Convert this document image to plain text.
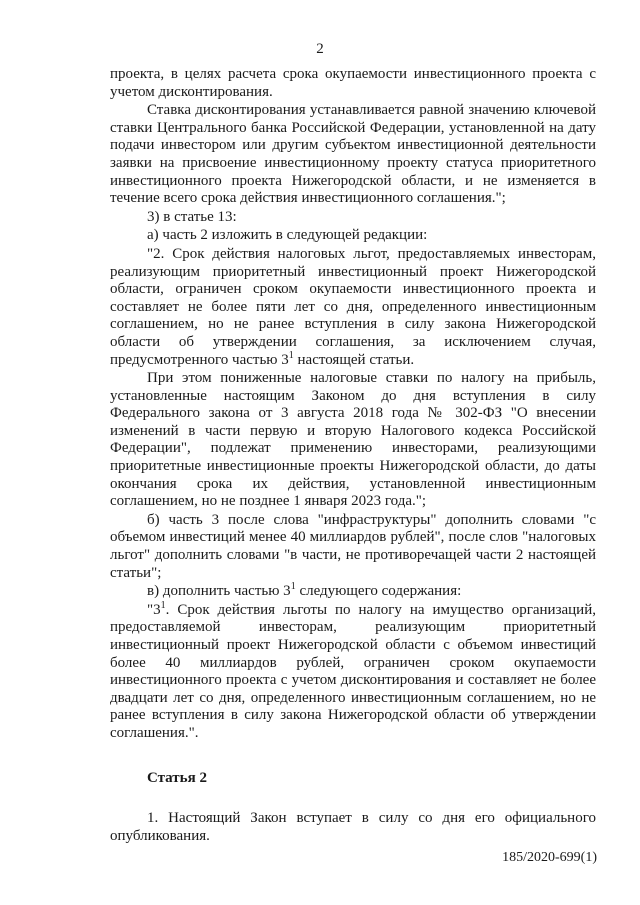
2

проекта, в целях расчета срока окупаемости инвестиционного проекта с учетом дисконтирования.

Ставка дисконтирования устанавливается равной значению ключевой ставки Центрального банка Российской Федерации, установленной на дату подачи инвестором или другим субъектом инвестиционной деятельности заявки на присвоение инвестиционному проекту статуса приоритетного инвестиционного проекта Нижегородской области, и не изменяется в течение всего срока действия инвестиционного соглашения.";

3) в статье 13:

а) часть 2 изложить в следующей редакции:

"2. Срок действия налоговых льгот, предоставляемых инвесторам, реализующим приоритетный инвестиционный проект Нижегородской области, ограничен сроком окупаемости инвестиционного проекта и составляет не более пяти лет со дня, определенного инвестиционным соглашением, но не ранее вступления в силу закона Нижегородской области об утверждении соглашения, за исключением случая, предусмотренного частью $3^1$ настоящей статьи.

При этом пониженные налоговые ставки по налогу на прибыль, установленные настоящим Законом до дня вступления в силу Федерального закона от 3 августа 2018 года № 302-ФЗ "О внесении изменений в части первую и вторую Налогового кодекса Российской Федерации", подлежат применению инвесторами, реализующими приоритетные инвестиционные проекты Нижегородской области, до даты окончания срока их действия, установленной инвестиционным соглашением, но не позднее 1 января 2023 года.";

б) часть 3 после слова "инфраструктуры" дополнить словами "с объемом инвестиций менее 40 миллиардов рублей", после слов "налоговых льгот" дополнить словами "в части, не противоречащей части 2 настоящей статьи";

в) дополнить частью $3^1$ следующего содержания:

"$3^1$. Срок действия льготы по налогу на имущество организаций, предоставляемой инвесторам, реализующим приоритетный инвестиционный проект Нижегородской области с объемом инвестиций более 40 миллиардов рублей, ограничен сроком окупаемости инвестиционного проекта с учетом дисконтирования и составляет не более двадцати лет со дня, определенного инвестиционным соглашением, но не ранее вступления в силу закона Нижегородской области об утверждении соглашения.".

Статья 2

1. Настоящий Закон вступает в силу со дня его официального опубликования.

185/2020-699(1)
